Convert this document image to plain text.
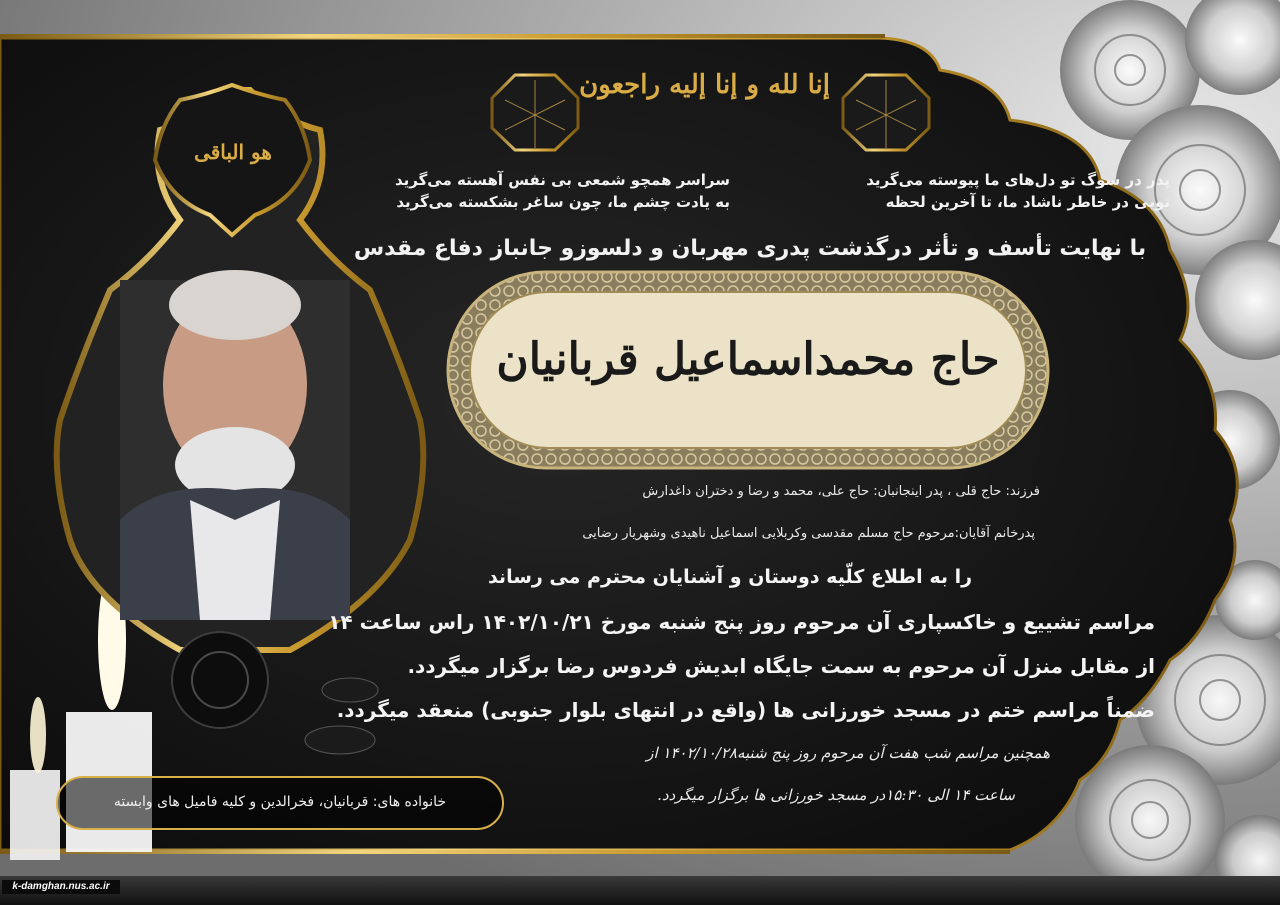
إنا لله و إنا إليه راجعون
هو الباقی
پدر در سوگ تو دل‌های ما پیوسته می‌گرید
تویی در خاطر ناشاد ما، تا آخرین لحظه
سراسر همچو شمعی بی نفس آهسته می‌گرید
به یادت چشم ما، چون ساغر بشکسته می‌گرید
با نهایت تأسف و تأثر درگذشت پدری مهربان و دلسوزو جانباز دفاع مقدس
حاج محمداسماعیل قربانیان
فرزند: حاج قلی ، پدر اینجانبان: حاج علی، محمد و رضا و دختران داغدارش
پدرخانم آقایان:مرحوم حاج مسلم مقدسی وکربلایی اسماعیل ناهیدی وشهریار رضایی
را به اطلاع کلّیه دوستان و آشنایان محترم می رساند
مراسم تشییع و خاکسپاری آن مرحوم روز پنج شنبه مورخ ۱۴۰۲/۱۰/۲۱ راس ساعت ۱۴
از مقابل منزل آن مرحوم به سمت جایگاه ابدیش فردوس رضا برگزار میگردد.
ضمناً مراسم ختم در مسجد خورزانی ها (واقع در انتهای بلوار جنوبی) منعقد میگردد.
همچنین مراسم شب هفت آن مرحوم روز پنج شنبه۱۴۰۲/۱۰/۲۸ از
ساعت ۱۴ الی ۱۵:۳۰در مسجد خورزانی ها برگزار میگردد.
خانواده های: قربانیان، فخرالدین و کلیه فامیل های وابسته
k-damghan.nus.ac.ir
